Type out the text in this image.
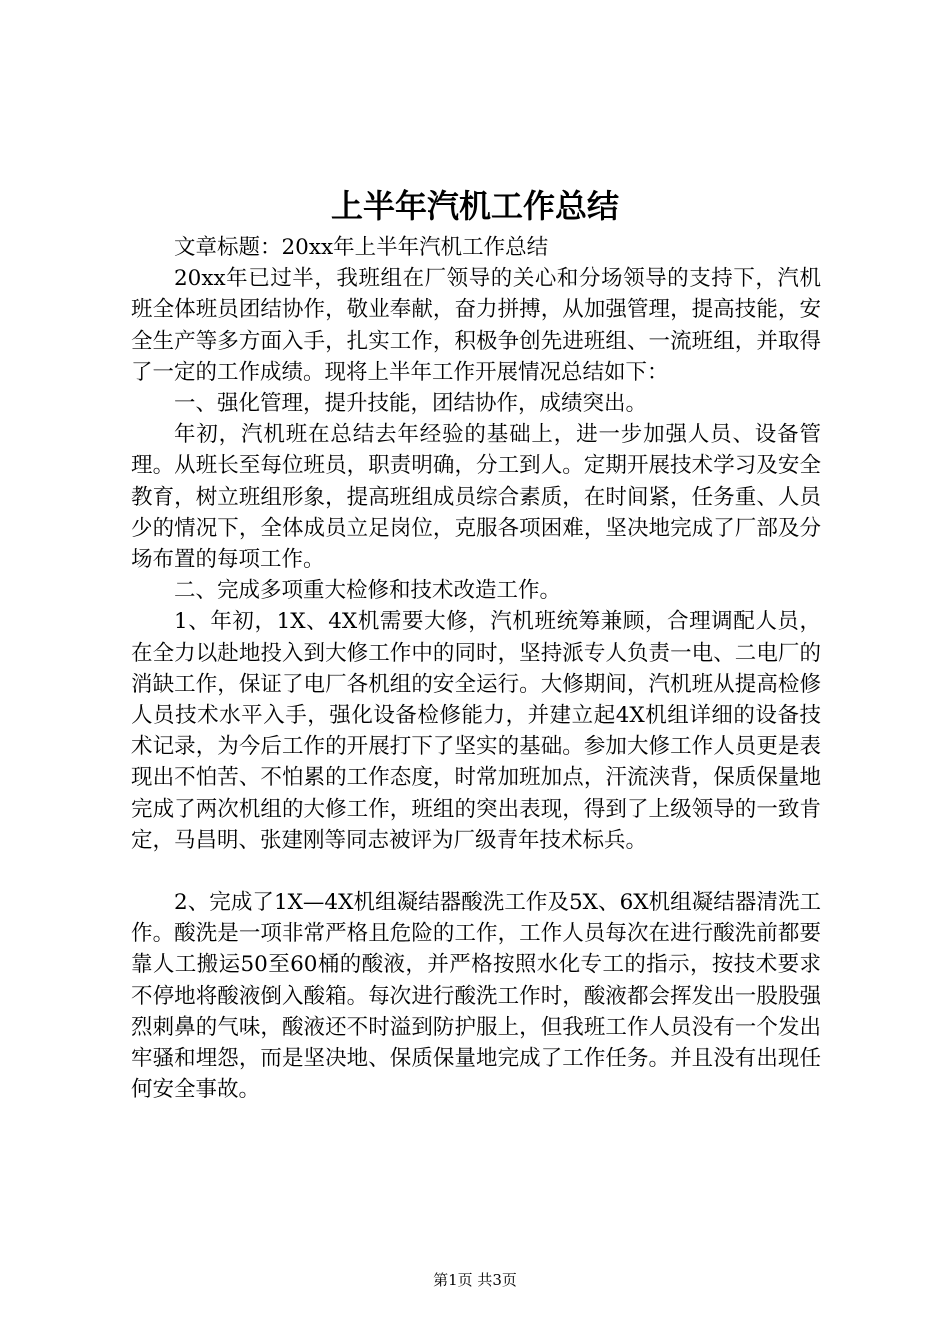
上半年汽机工作总结

文章标题：20xx年上半年汽机工作总结

20xx年已过半，我班组在厂领导的关心和分场领导的支持下，汽机班全体班员团结协作，敬业奉献，奋力拼搏，从加强管理，提高技能，安全生产等多方面入手，扎实工作，积极争创先进班组、一流班组，并取得了一定的工作成绩。现将上半年工作开展情况总结如下：

一、强化管理，提升技能，团结协作，成绩突出。

年初，汽机班在总结去年经验的基础上，进一步加强人员、设备管理。从班长至每位班员，职责明确，分工到人。定期开展技术学习及安全教育，树立班组形象，提高班组成员综合素质，在时间紧，任务重、人员少的情况下，全体成员立足岗位，克服各项困难，坚决地完成了厂部及分场布置的每项工作。

二、完成多项重大检修和技术改造工作。

1、年初，1X、4X机需要大修，汽机班统筹兼顾，合理调配人员，在全力以赴地投入到大修工作中的同时，坚持派专人负责一电、二电厂的消缺工作，保证了电厂各机组的安全运行。大修期间，汽机班从提高检修人员技术水平入手，强化设备检修能力，并建立起4X机组详细的设备技术记录，为今后工作的开展打下了坚实的基础。参加大修工作人员更是表现出不怕苦、不怕累的工作态度，时常加班加点，汗流浃背，保质保量地完成了两次机组的大修工作，班组的突出表现，得到了上级领导的一致肯定，马昌明、张建刚等同志被评为厂级青年技术标兵。

2、完成了1X—4X机组凝结器酸洗工作及5X、6X机组凝结器清洗工作。酸洗是一项非常严格且危险的工作，工作人员每次在进行酸洗前都要靠人工搬运50至60桶的酸液，并严格按照水化专工的指示，按技术要求不停地将酸液倒入酸箱。每次进行酸洗工作时，酸液都会挥发出一股股强烈刺鼻的气味，酸液还不时溢到防护服上，但我班工作人员没有一个发出牢骚和埋怨，而是坚决地、保质保量地完成了工作任务。并且没有出现任何安全事故。

第1页 共3页
